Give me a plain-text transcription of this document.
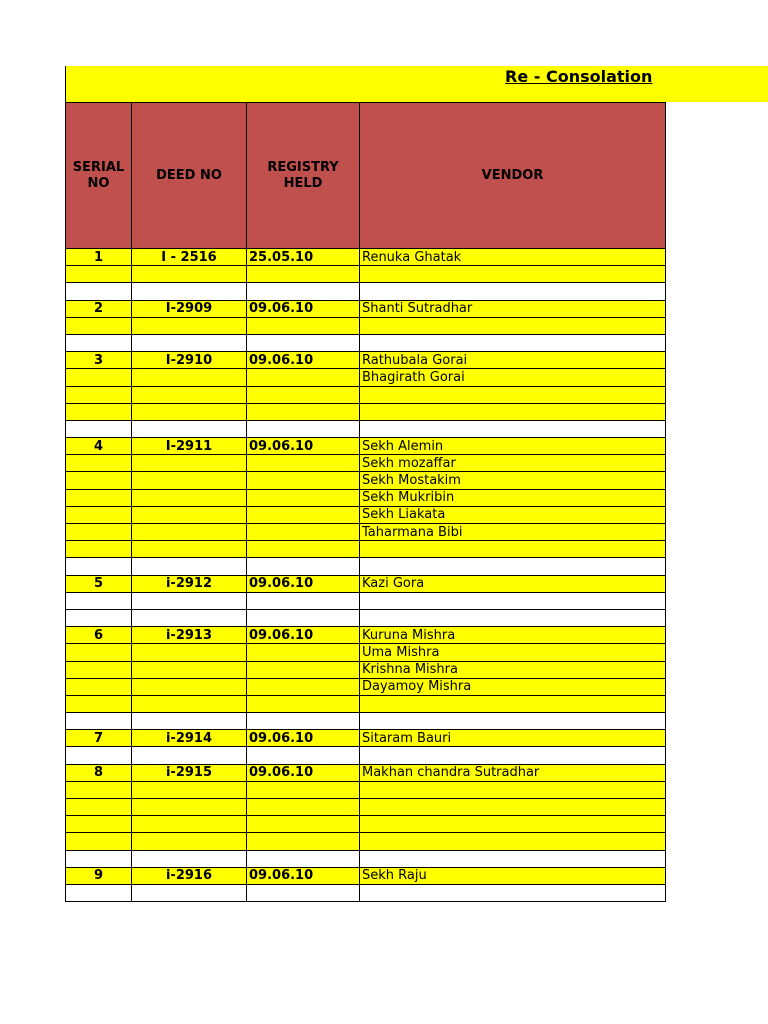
Re - Consolation
SERIAL NO	DEED NO	REGISTRY HELD	VENDOR
1	I - 2516	25.05.10	Renuka Ghatak

2	I-2909	09.06.10	Shanti Sutradhar

3	I-2910	09.06.10	Rathubala Gorai
			Bhagirath Gorai

4	I-2911	09.06.10	Sekh Alemin
			Sekh mozaffar
			Sekh Mostakim
			Sekh Mukribin
			Sekh Liakata
			Taharmana Bibi

5	i-2912	09.06.10	Kazi Gora

6	i-2913	09.06.10	Kuruna Mishra
			Uma Mishra
			Krishna Mishra
			Dayamoy Mishra

7	i-2914	09.06.10	Sitaram Bauri

8	i-2915	09.06.10	Makhan chandra Sutradhar

9	i-2916	09.06.10	Sekh Raju
